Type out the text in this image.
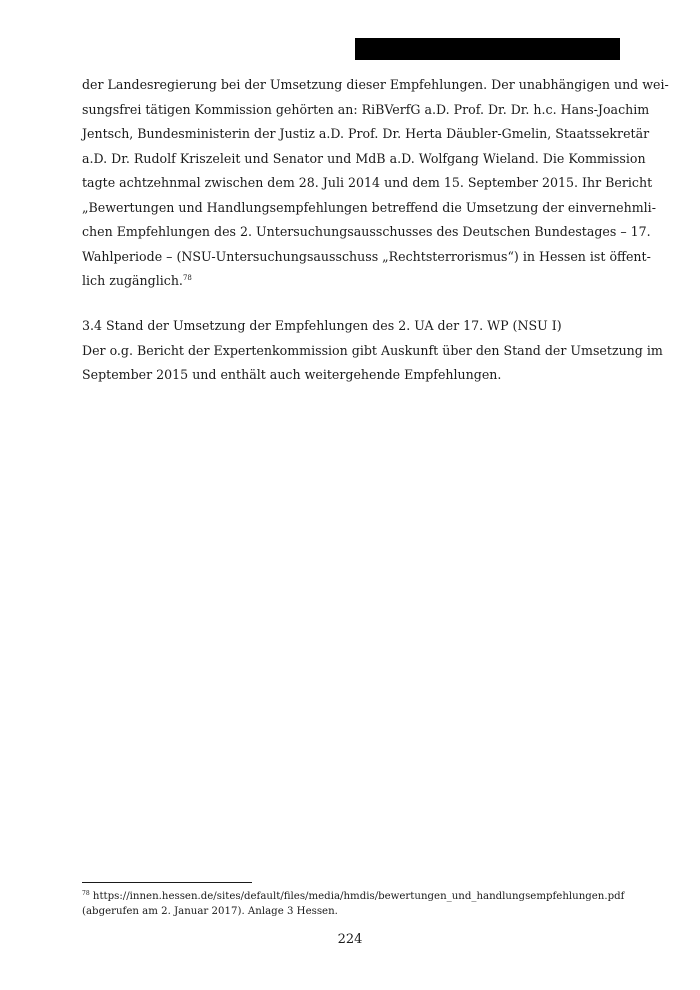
der Landesregierung bei der Umsetzung dieser Empfehlungen. Der unabhängigen und wei-
sungsfrei tätigen Kommission gehörten an: RiBVerfG a.D. Prof. Dr. Dr. h.c. Hans-Joachim
Jentsch, Bundesministerin der Justiz a.D. Prof. Dr. Herta Däubler-Gmelin, Staatssekretär
a.D. Dr. Rudolf Kriszeleit und Senator und MdB a.D. Wolfgang Wieland. Die Kommission
tagte achtzehnmal zwischen dem 28. Juli 2014 und dem 15. September 2015. Ihr Bericht
„Bewertungen und Handlungsempfehlungen betreffend die Umsetzung der einvernehmli-
chen Empfehlungen des 2. Untersuchungsausschusses des Deutschen Bundestages – 17.
Wahlperiode – (NSU-Untersuchungsausschuss „Rechtsterrorismus“) in Hessen ist öffent-
lich zugänglich.$^{78}$
3.4 Stand der Umsetzung der Empfehlungen des 2. UA der 17. WP (NSU I)
Der o.g. Bericht der Expertenkommission gibt Auskunft über den Stand der Umsetzung im
September 2015 und enthält auch weitergehende Empfehlungen.
$^{78}$ https://innen.hessen.de/sites/default/files/media/hmdis/bewertungen_und_handlungsempfehlungen.pdf
(abgerufen am 2. Januar 2017). Anlage 3 Hessen.
224
